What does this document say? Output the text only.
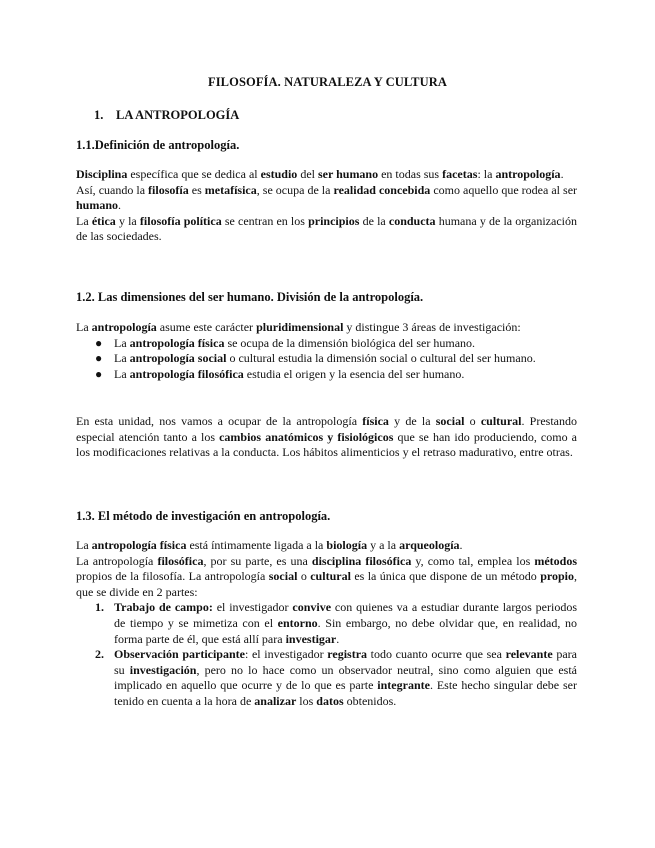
FILOSOFÍA. NATURALEZA Y CULTURA
1. LA ANTROPOLOGÍA
1.1.Definición de antropología.

Disciplina específica que se dedica al estudio del ser humano en todas sus facetas: la antropología.

Así, cuando la filosofía es metafísica, se ocupa de la realidad concebida como aquello que rodea al ser humano.

La ética y la filosofía política se centran en los principios de la conducta humana y de la organización de las sociedades.

1.2. Las dimensiones del ser humano. División de la antropología.

La antropología asume este carácter pluridimensional y distingue 3 áreas de investigación:

● La antropología física se ocupa de la dimensión biológica del ser humano.
● La antropología social o cultural estudia la dimensión social o cultural del ser humano.
● La antropología filosófica estudia el origen y la esencia del ser humano.

En esta unidad, nos vamos a ocupar de la antropología física y de la social o cultural. Prestando especial atención tanto a los cambios anatómicos y fisiológicos que se han ido produciendo, como a los modificaciones relativas a la conducta. Los hábitos alimenticios y el retraso madurativo, entre otras.

1.3. El método de investigación en antropología.

La antropología física está íntimamente ligada a la biología y a la arqueología.

La antropología filosófica, por su parte, es una disciplina filosófica y, como tal, emplea los métodos propios de la filosofía. La antropología social o cultural es la única que dispone de un método propio, que se divide en 2 partes:

1. Trabajo de campo: el investigador convive con quienes va a estudiar durante largos periodos de tiempo y se mimetiza con el entorno. Sin embargo, no debe olvidar que, en realidad, no forma parte de él, que está allí para investigar.
2. Observación participante: el investigador registra todo cuanto ocurre que sea relevante para su investigación, pero no lo hace como un observador neutral, sino como alguien que está implicado en aquello que ocurre y de lo que es parte integrante. Este hecho singular debe ser tenido en cuenta a la hora de analizar los datos obtenidos.
